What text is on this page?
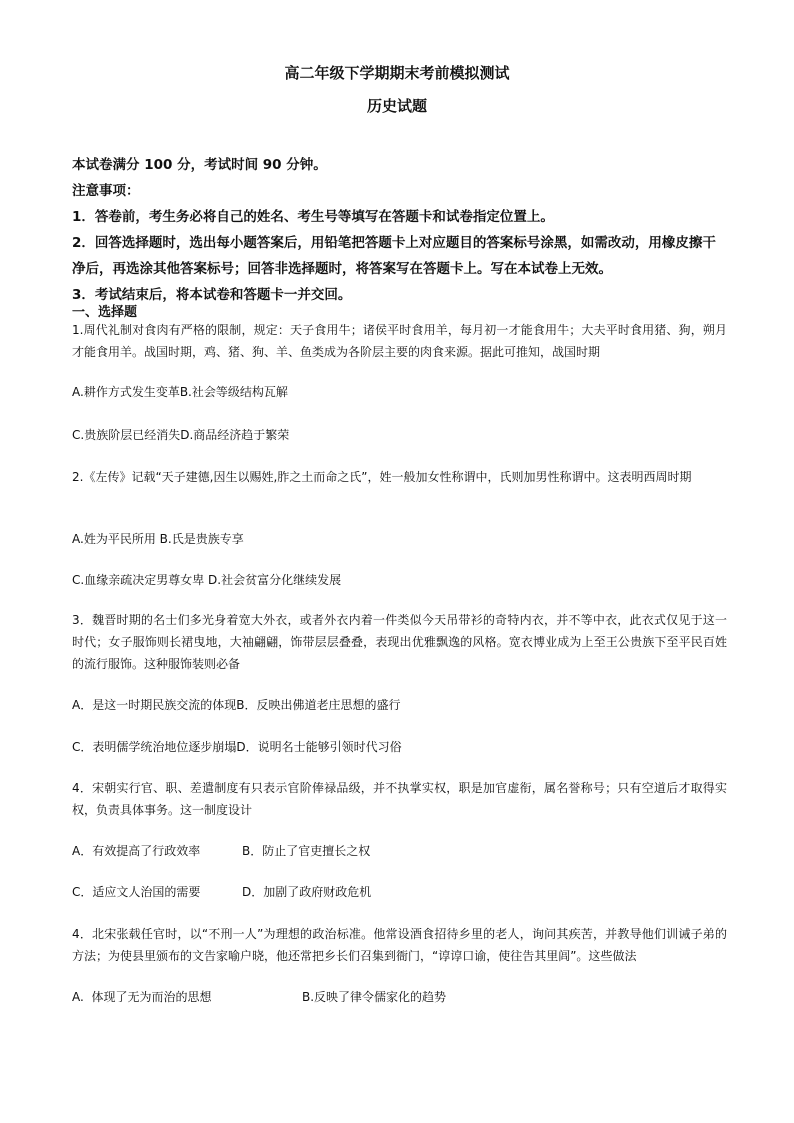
高二年级下学期期末考前模拟测试
历史试题

本试卷满分 100 分，考试时间 90 分钟。

注意事项：

1．答卷前，考生务必将自己的姓名、考生号等填写在答题卡和试卷指定位置上。

2．回答选择题时，选出每小题答案后，用铅笔把答题卡上对应题目的答案标号涂黑，如需改动，用橡皮擦干净后，再选涂其他答案标号；回答非选择题时，将答案写在答题卡上。写在本试卷上无效。

3．考试结束后，将本试卷和答题卡一并交回。

一、选择题

1.周代礼制对食肉有严格的限制，规定：天子食用牛；诸侯平时食用羊，每月初一才能食用牛；大夫平时食用猪、狗，朔月才能食用羊。战国时期，鸡、猪、狗、羊、鱼类成为各阶层主要的肉食来源。据此可推知，战国时期

A.耕作方式发生变革B.社会等级结构瓦解
C.贵族阶层已经消失D.商品经济趋于繁荣

2.《左传》记载“天子建德,因生以赐姓,胙之土而命之氏”，姓一般加女性称谓中，氏则加男性称谓中。这表明西周时期

A.姓为平民所用 B.氏是贵族专享
C.血缘亲疏决定男尊女卑 D.社会贫富分化继续发展

3．魏晋时期的名士们多光身着宽大外衣，或者外衣内着一件类似今天吊带衫的奇特内衣，并不等中衣，此衣式仅见于这一时代；女子服饰则长裙曳地，大袖翩翩，饰带层层叠叠，表现出优雅飘逸的风格。宽衣博业成为上至王公贵族下至平民百姓的流行服饰。这种服饰装则必备

A．是这一时期民族交流的体现B．反映出佛道老庄思想的盛行
C．表明儒学统治地位逐步崩塌D．说明名士能够引领时代习俗

4．宋朝实行官、职、差遣制度有只表示官阶俸禄品级，并不执掌实权，职是加官虚衔，属名誉称号；只有空道后才取得实权，负责具体事务。这一制度设计

A．有效提高了行政效率	B．防止了官吏擅长之权
C．适应文人治国的需要	D．加剧了政府财政危机

4．北宋张载任官时，以“不刑一人”为理想的政治标准。他常设酒食招待乡里的老人，询问其疾苦，并教导他们训诫子弟的方法；为使县里颁布的文告家喻户晓，他还常把乡长们召集到衙门，“谆谆口谕，使往告其里闾”。这些做法

A.  体现了无为而治的思想	B.反映了律令儒家化的趋势
